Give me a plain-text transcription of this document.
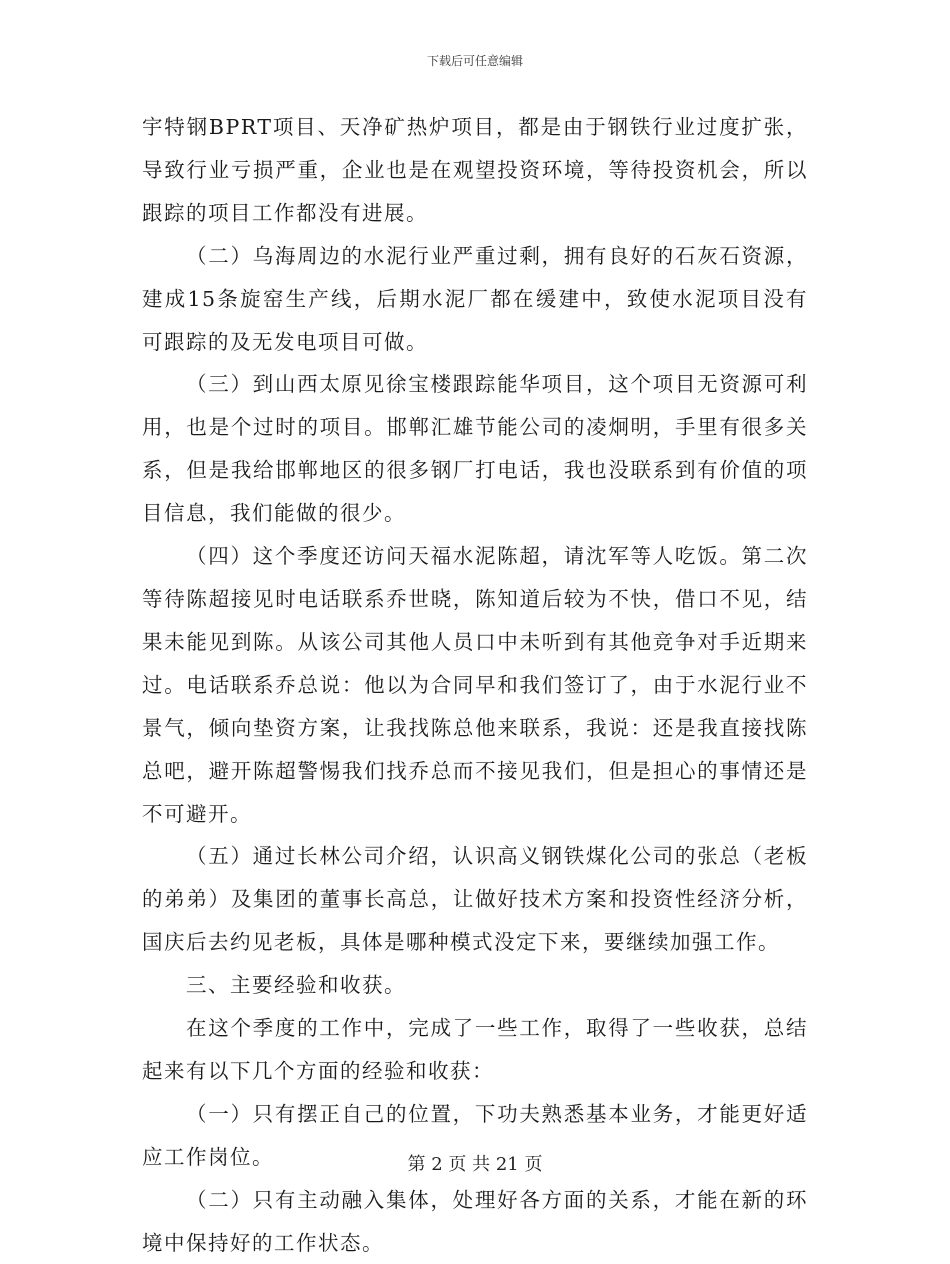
下载后可任意编辑

宇特钢BPRT项目、天净矿热炉项目，都是由于钢铁行业过度扩张，导致行业亏损严重，企业也是在观望投资环境，等待投资机会，所以跟踪的项目工作都没有进展。

（二）乌海周边的水泥行业严重过剩，拥有良好的石灰石资源，建成15条旋窑生产线，后期水泥厂都在缓建中，致使水泥项目没有可跟踪的及无发电项目可做。

（三）到山西太原见徐宝楼跟踪能华项目，这个项目无资源可利用，也是个过时的项目。邯郸汇雄节能公司的凌炯明，手里有很多关系，但是我给邯郸地区的很多钢厂打电话，我也没联系到有价值的项目信息，我们能做的很少。

（四）这个季度还访问天福水泥陈超，请沈军等人吃饭。第二次等待陈超接见时电话联系乔世晓，陈知道后较为不快，借口不见，结果未能见到陈。从该公司其他人员口中未听到有其他竞争对手近期来过。电话联系乔总说：他以为合同早和我们签订了，由于水泥行业不景气，倾向垫资方案，让我找陈总他来联系，我说：还是我直接找陈总吧，避开陈超警惕我们找乔总而不接见我们，但是担心的事情还是不可避开。

（五）通过长林公司介绍，认识高义钢铁煤化公司的张总（老板的弟弟）及集团的董事长高总，让做好技术方案和投资性经济分析，国庆后去约见老板，具体是哪种模式没定下来，要继续加强工作。

三、主要经验和收获。

在这个季度的工作中，完成了一些工作，取得了一些收获，总结起来有以下几个方面的经验和收获：

（一）只有摆正自己的位置，下功夫熟悉基本业务，才能更好适应工作岗位。

（二）只有主动融入集体，处理好各方面的关系，才能在新的环境中保持好的工作状态。

第 2 页 共 21 页
